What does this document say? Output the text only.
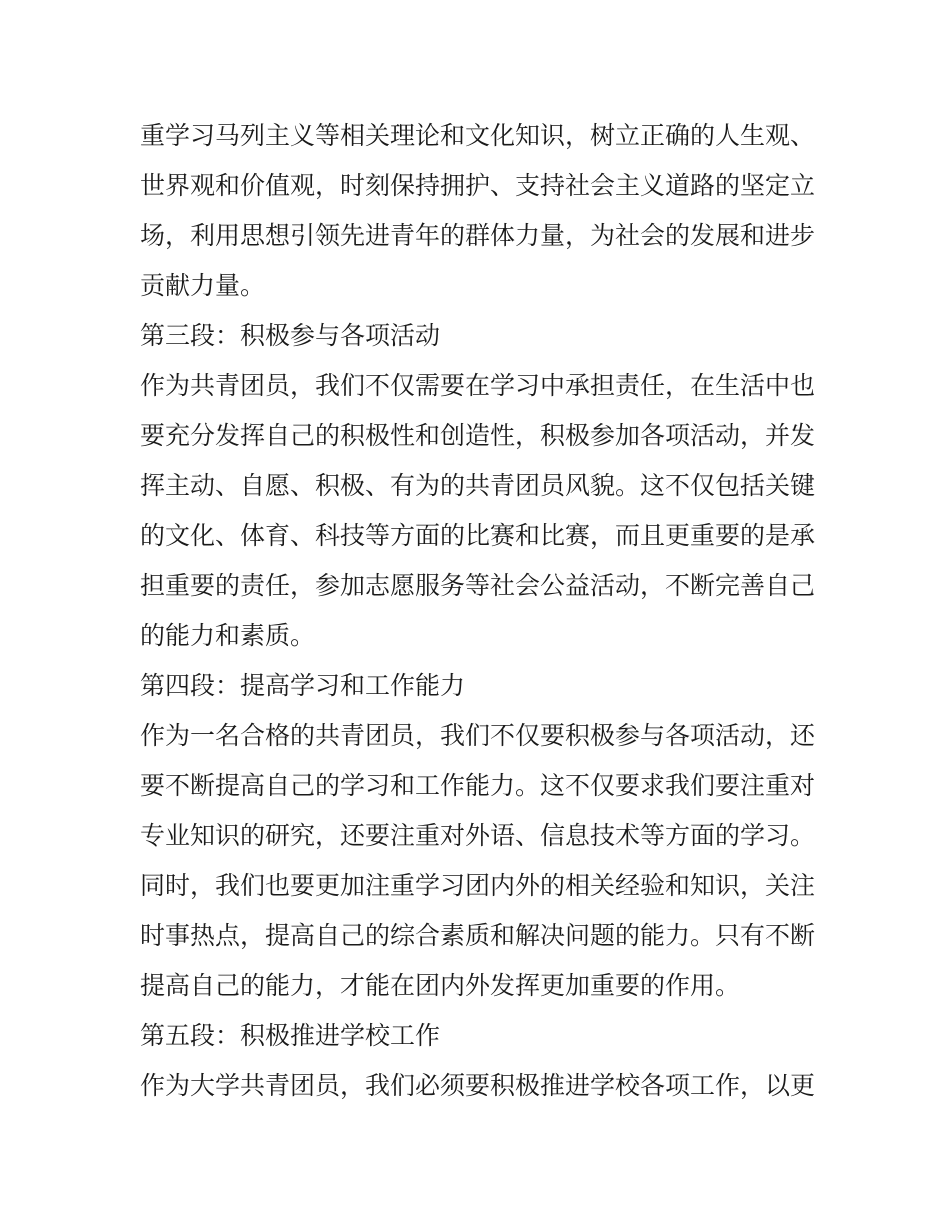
重学习马列主义等相关理论和文化知识，树立正确的人生观、世界观和价值观，时刻保持拥护、支持社会主义道路的坚定立场，利用思想引领先进青年的群体力量，为社会的发展和进步贡献力量。

第三段：积极参与各项活动

作为共青团员，我们不仅需要在学习中承担责任，在生活中也要充分发挥自己的积极性和创造性，积极参加各项活动，并发挥主动、自愿、积极、有为的共青团员风貌。这不仅包括关键的文化、体育、科技等方面的比赛和比赛，而且更重要的是承担重要的责任，参加志愿服务等社会公益活动，不断完善自己的能力和素质。

第四段：提高学习和工作能力

作为一名合格的共青团员，我们不仅要积极参与各项活动，还要不断提高自己的学习和工作能力。这不仅要求我们要注重对专业知识的研究，还要注重对外语、信息技术等方面的学习。同时，我们也要更加注重学习团内外的相关经验和知识，关注时事热点，提高自己的综合素质和解决问题的能力。只有不断提高自己的能力，才能在团内外发挥更加重要的作用。

第五段：积极推进学校工作

作为大学共青团员，我们必须要积极推进学校各项工作，以更
